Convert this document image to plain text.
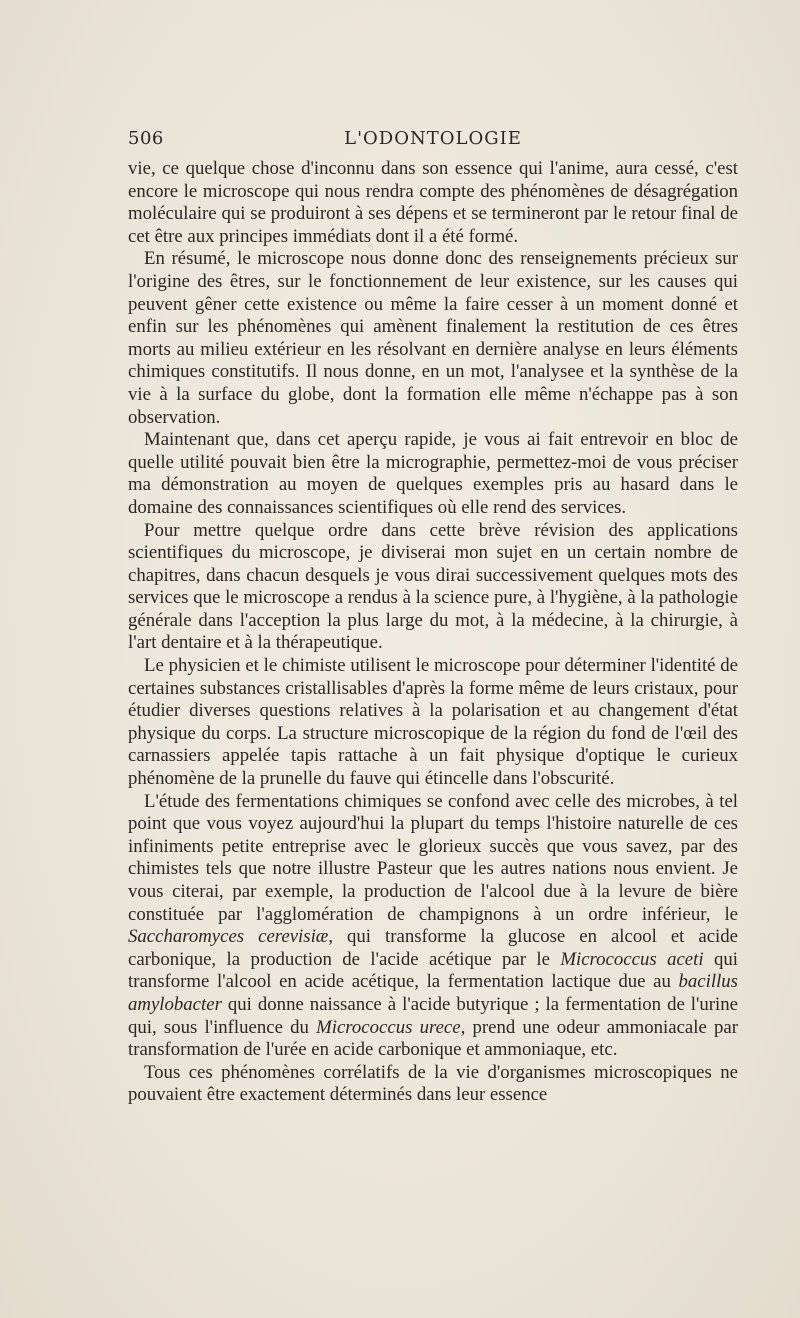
506	L'ODONTOLOGIE

vie, ce quelque chose d'inconnu dans son essence qui l'anime, aura cessé, c'est encore le microscope qui nous rendra compte des phénomènes de désagrégation moléculaire qui se produiront à ses dépens et se termineront par le retour final de cet être aux principes immédiats dont il a été formé.

En résumé, le microscope nous donne donc des renseignements précieux sur l'origine des êtres, sur le fonctionnement de leur existence, sur les causes qui peuvent gêner cette existence ou même la faire cesser à un moment donné et enfin sur les phénomènes qui amènent finalement la restitution de ces êtres morts au milieu extérieur en les résolvant en dernière analyse en leurs éléments chimiques constitutifs. Il nous donne, en un mot, l'analysee et la synthèse de la vie à la surface du globe, dont la formation elle même n'échappe pas à son observation.

Maintenant que, dans cet aperçu rapide, je vous ai fait entrevoir en bloc de quelle utilité pouvait bien être la micrographie, permettez-moi de vous préciser ma démonstration au moyen de quelques exemples pris au hasard dans le domaine des connaissances scientifiques où elle rend des services.

Pour mettre quelque ordre dans cette brève révision des applications scientifiques du microscope, je diviserai mon sujet en un certain nombre de chapitres, dans chacun desquels je vous dirai successivement quelques mots des services que le microscope a rendus à la science pure, à l'hygiène, à la pathologie générale dans l'acception la plus large du mot, à la médecine, à la chirurgie, à l'art dentaire et à la thérapeutique.

Le physicien et le chimiste utilisent le microscope pour déterminer l'identité de certaines substances cristallisables d'après la forme même de leurs cristaux, pour étudier diverses questions relatives à la polarisation et au changement d'état physique du corps. La structure microscopique de la région du fond de l'œil des carnassiers appelée tapis rattache à un fait physique d'optique le curieux phénomène de la prunelle du fauve qui étincelle dans l'obscurité.

L'étude des fermentations chimiques se confond avec celle des microbes, à tel point que vous voyez aujourd'hui la plupart du temps l'histoire naturelle de ces infiniments petite entreprise avec le glorieux succès que vous savez, par des chimistes tels que notre illustre Pasteur que les autres nations nous envient. Je vous citerai, par exemple, la production de l'alcool due à la levure de bière constituée par l'agglomération de champignons à un ordre inférieur, le Saccharomyces cerevisiæ, qui transforme la glucose en alcool et acide carbonique, la production de l'acide acétique par le Micrococcus aceti qui transforme l'alcool en acide acétique, la fermentation lactique due au bacillus amylobacter qui donne naissance à l'acide butyrique ; la fermentation de l'urine qui, sous l'influence du Micrococcus urece, prend une odeur ammoniacale par transformation de l'urée en acide carbonique et ammoniaque, etc.

Tous ces phénomènes corrélatifs de la vie d'organismes microscopiques ne pouvaient être exactement déterminés dans leur essence
